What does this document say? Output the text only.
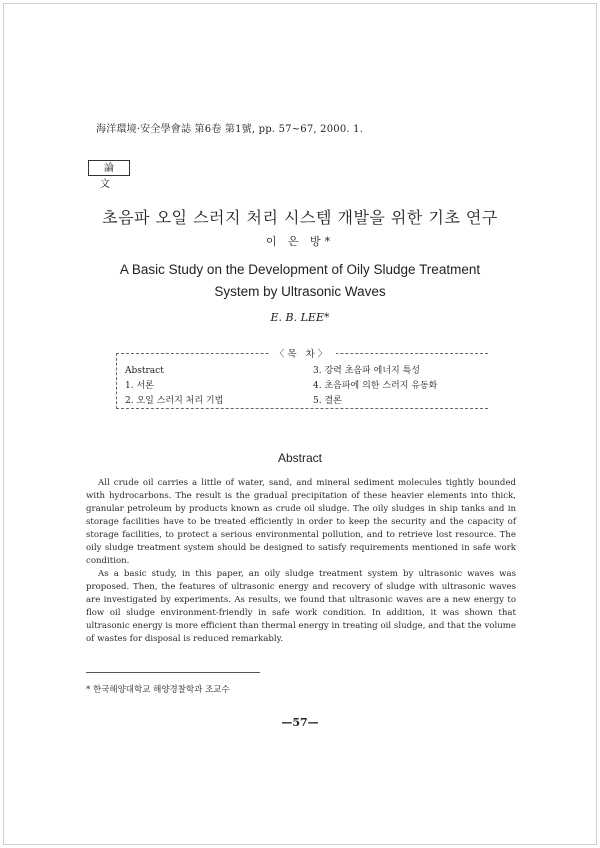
海洋環境·安全學會誌 第6卷 第1號, pp. 57~67, 2000. 1.
論 文
초음파 오일 스러지 처리 시스템 개발을 위한 기초 연구
이 은 방*
A Basic Study on the Development of Oily Sludge Treatment
System by Ultrasonic Waves
E. B. LEE*
〈목 차〉
Abstract
1. 서론
2. 오일 스러지 처리 기법
3. 강력 초음파 에너지 특성
4. 초음파에 의한 스러지 유동화
5. 결론
Abstract

All crude oil carries a little of water, sand, and mineral sediment molecules tightly bounded with hydrocarbons. The result is the gradual precipitation of these heavier elements into thick, granular petroleum by products known as crude oil sludge. The oily sludges in ship tanks and in storage facilities have to be treated efficiently in order to keep the security and the capacity of storage facilities, to protect a serious environmental pollution, and to retrieve lost resource. The oily sludge treatment system should be designed to satisfy requirements mentioned in safe work condition.

As a basic study, in this paper, an oily sludge treatment system by ultrasonic waves was proposed. Then, the features of ultrasonic energy and recovery of sludge with ultrasonic waves are investigated by experiments. As results, we found that ultrasonic waves are a new energy to flow oil sludge environment-friendly in safe work condition. In addition, it was shown that ultrasonic energy is more efficient than thermal energy in treating oil sludge, and that the volume of wastes for disposal is reduced remarkably.

* 한국해양대학교 해양경찰학과 조교수
—57—
